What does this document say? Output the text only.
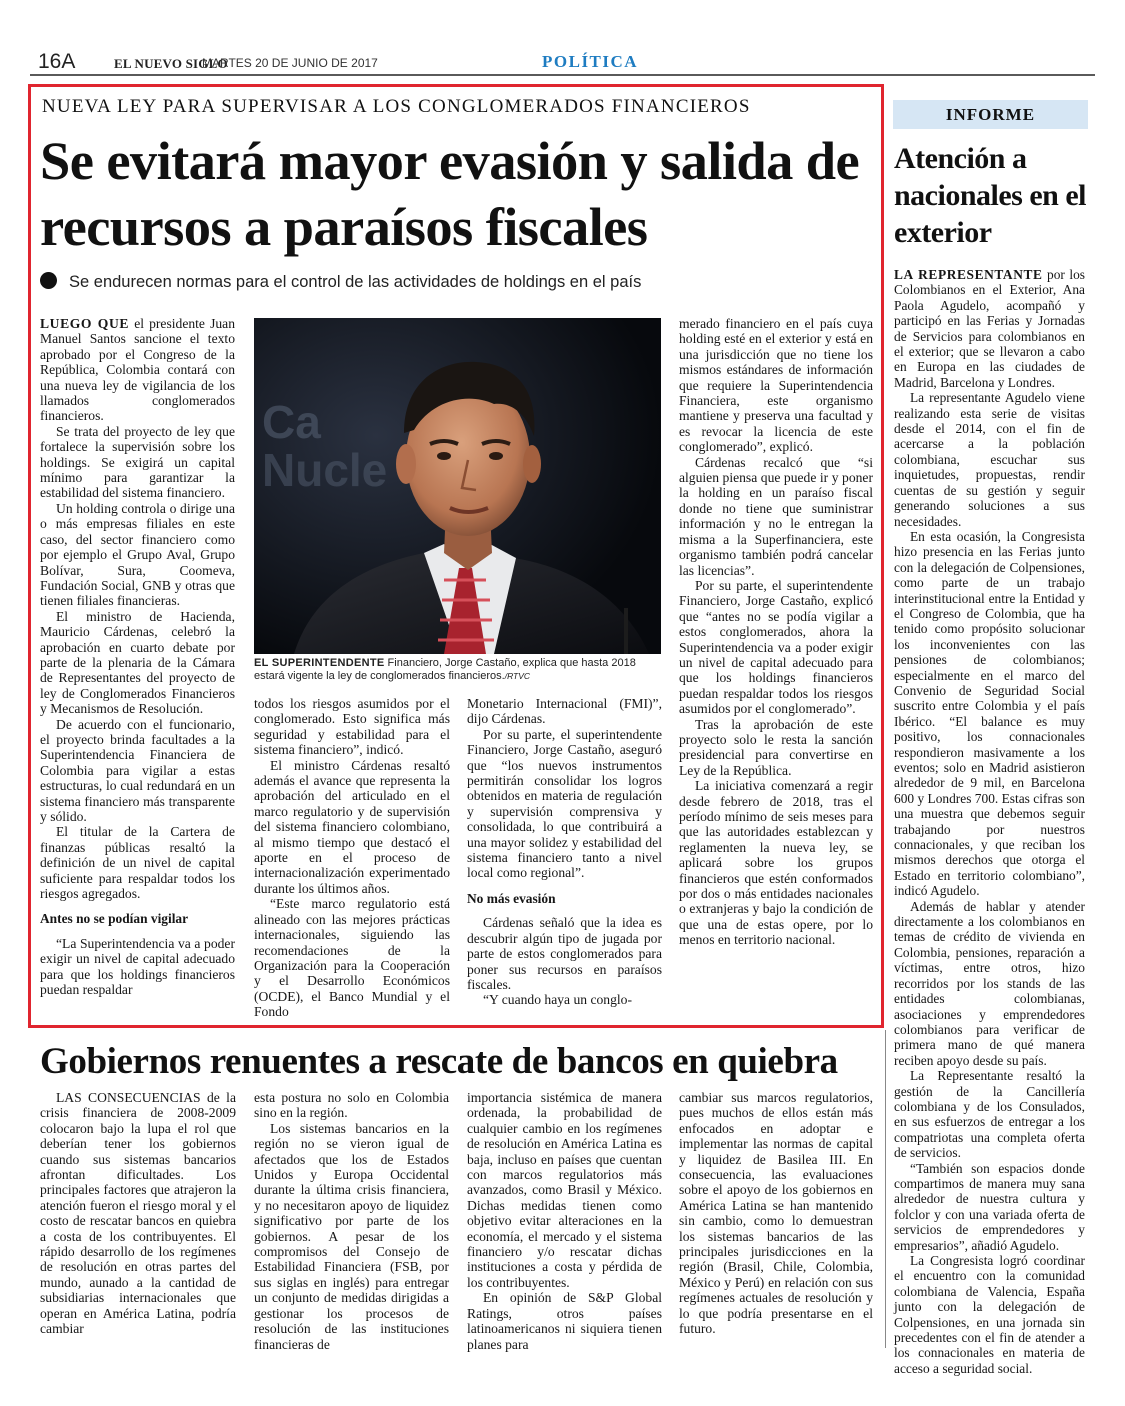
16A	EL NUEVO SIGLO
MARTES 20 DE JUNIO DE 2017	POLÍTICA
NUEVA LEY PARA SUPERVISAR A LOS CONGLOMERADOS FINANCIEROS
Se evitará mayor evasión y salida de recursos a paraísos fiscales
Se endurecen normas para el control de las actividades de holdings en el país

LUEGO QUE el presidente Juan Manuel Santos sancione el texto aprobado por el Congreso de la República, Colombia contará con una nueva ley de vigilancia de los llamados conglomerados financieros.

Se trata del proyecto de ley que fortalece la supervisión sobre los holdings. Se exigirá un capital mínimo para garantizar la estabilidad del sistema financiero.

Un holding controla o dirige una o más empresas filiales en este caso, del sector financiero como por ejemplo el Grupo Aval, Grupo Bolívar, Sura, Coomeva, Fundación Social, GNB y otras que tienen filiales financieras.

El ministro de Hacienda, Mauricio Cárdenas, celebró la aprobación en cuarto debate por parte de la plenaria de la Cámara de Representantes del proyecto de ley de Conglomerados Financieros y Mecanismos de Resolución.

De acuerdo con el funcionario, el proyecto brinda facultades a la Superintendencia Financiera de Colombia para vigilar a estas estructuras, lo cual redundará en un sistema financiero más transparente y sólido.

El titular de la Cartera de finanzas públicas resaltó la definición de un nivel de capital suficiente para respaldar todos los riesgos agregados.

Antes no se podían vigilar

“La Superintendencia va a poder exigir un nivel de capital adecuado para que los holdings financieros puedan respaldar

Ca
Nucle
EL SUPERINTENDENTE Financiero, Jorge Castaño, explica que hasta 2018 estará vigente la ley de conglomerados financieros./RTVC

todos los riesgos asumidos por el conglomerado. Esto significa más seguridad y estabilidad para el sistema financiero”, indicó.

El ministro Cárdenas resaltó además el avance que representa la aprobación del articulado en el marco regulatorio y de supervisión del sistema financiero colombiano, al mismo tiempo que destacó el aporte en el proceso de internacionalización experimentado durante los últimos años.

“Este marco regulatorio está alineado con las mejores prácticas internacionales, siguiendo las recomendaciones de la Organización para la Cooperación y el Desarrollo Económicos (OCDE), el Banco Mundial y el Fondo

Monetario Internacional (FMI)”, dijo Cárdenas.

Por su parte, el superintendente Financiero, Jorge Castaño, aseguró que “los nuevos instrumentos permitirán consolidar los logros obtenidos en materia de regulación y supervisión comprensiva y consolidada, lo que contribuirá a una mayor solidez y estabilidad del sistema financiero tanto a nivel local como regional”.

No más evasión

Cárdenas señaló que la idea es descubrir algún tipo de jugada por parte de estos conglomerados para poner sus recursos en paraísos fiscales.

“Y cuando haya un conglo-

merado financiero en el país cuya holding esté en el exterior y está en una jurisdicción que no tiene los mismos estándares de información que requiere la Superintendencia Financiera, este organismo mantiene y preserva una facultad y es revocar la licencia de este conglomerado”, explicó.

Cárdenas recalcó que “si alguien piensa que puede ir y poner la holding en un paraíso fiscal donde no tiene que suministrar información y no le entregan la misma a la Superfinanciera, este organismo también podrá cancelar las licencias”.

Por su parte, el superintendente Financiero, Jorge Castaño, explicó que “antes no se podía vigilar a estos conglomerados, ahora la Superintendencia va a poder exigir un nivel de capital adecuado para que los holdings financieros puedan respaldar todos los riesgos asumidos por el conglomerado”.

Tras la aprobación de este proyecto solo le resta la sanción presidencial para convertirse en Ley de la República.

La iniciativa comenzará a regir desde febrero de 2018, tras el período mínimo de seis meses para que las autoridades establezcan y reglamenten la nueva ley, se aplicará sobre los grupos financieros que estén conformados por dos o más entidades nacionales o extranjeras y bajo la condición de que una de estas opere, por lo menos en territorio nacional.

INFORME
Atención a nacionales en el exterior

LA REPRESENTANTE por los Colombianos en el Exterior, Ana Paola Agudelo, acompañó y participó en las Ferias y Jornadas de Servicios para colombianos en el exterior; que se llevaron a cabo en Europa en las ciudades de Madrid, Barcelona y Londres.

La representante Agudelo viene realizando esta serie de visitas desde el 2014, con el fin de acercarse a la población colombiana, escuchar sus inquietudes, propuestas, rendir cuentas de su gestión y seguir generando soluciones a sus necesidades.

En esta ocasión, la Congresista hizo presencia en las Ferias junto con la delegación de Colpensiones, como parte de un trabajo interinstitucional entre la Entidad y el Congreso de Colombia, que ha tenido como propósito solucionar los inconvenientes con las pensiones de colombianos; especialmente en el marco del Convenio de Seguridad Social suscrito entre Colombia y el país Ibérico. “El balance es muy positivo, los connacionales respondieron masivamente a los eventos; solo en Madrid asistieron alrededor de 9 mil, en Barcelona 600 y Londres 700. Estas cifras son una muestra que debemos seguir trabajando por nuestros connacionales, y que reciban los mismos derechos que otorga el Estado en territorio colombiano”, indicó Agudelo.

Además de hablar y atender directamente a los colombianos en temas de crédito de vivienda en Colombia, pensiones, reparación a víctimas, entre otros, hizo recorridos por los stands de las entidades colombianas, asociaciones y emprendedores colombianos para verificar de primera mano de qué manera reciben apoyo desde su país.

La Representante resaltó la gestión de la Cancillería colombiana y de los Consulados, en sus esfuerzos de entregar a los compatriotas una completa oferta de servicios.

“También son espacios donde compartimos de manera muy sana alrededor de nuestra cultura y folclor y con una variada oferta de servicios de emprendedores y empresarios”, añadió Agudelo.

La Congresista logró coordinar el encuentro con la comunidad colombiana de Valencia, España junto con la delegación de Colpensiones, en una jornada sin precedentes con el fin de atender a los connacionales en materia de acceso a seguridad social.

Gobiernos renuentes a rescate de bancos en quiebra

LAS CONSECUENCIAS de la crisis financiera de 2008-2009 colocaron bajo la lupa el rol que deberían tener los gobiernos cuando sus sistemas bancarios afrontan dificultades. Los principales factores que atrajeron la atención fueron el riesgo moral y el costo de rescatar bancos en quiebra a costa de los contribuyentes. El rápido desarrollo de los regímenes de resolución en otras partes del mundo, aunado a la cantidad de subsidiarias internacionales que operan en América Latina, podría cambiar

esta postura no solo en Colombia sino en la región.

Los sistemas bancarios en la región no se vieron igual de afectados que los de Estados Unidos y Europa Occidental durante la última crisis financiera, y no necesitaron apoyo de liquidez significativo por parte de los gobiernos. A pesar de los compromisos del Consejo de Estabilidad Financiera (FSB, por sus siglas en inglés) para entregar un conjunto de medidas dirigidas a gestionar los procesos de resolución de las instituciones financieras de

importancia sistémica de manera ordenada, la probabilidad de cualquier cambio en los regímenes de resolución en América Latina es baja, incluso en países que cuentan con marcos regulatorios más avanzados, como Brasil y México. Dichas medidas tienen como objetivo evitar alteraciones en la economía, el mercado y el sistema financiero y/o rescatar dichas instituciones a costa y pérdida de los contribuyentes.

En opinión de S&P Global Ratings, otros países latinoamericanos ni siquiera tienen planes para

cambiar sus marcos regulatorios, pues muchos de ellos están más enfocados en adoptar e implementar las normas de capital y liquidez de Basilea III. En consecuencia, las evaluaciones sobre el apoyo de los gobiernos en América Latina se han mantenido sin cambio, como lo demuestran los sistemas bancarios de las principales jurisdicciones en la región (Brasil, Chile, Colombia, México y Perú) en relación con sus regímenes actuales de resolución y lo que podría presentarse en el futuro.
